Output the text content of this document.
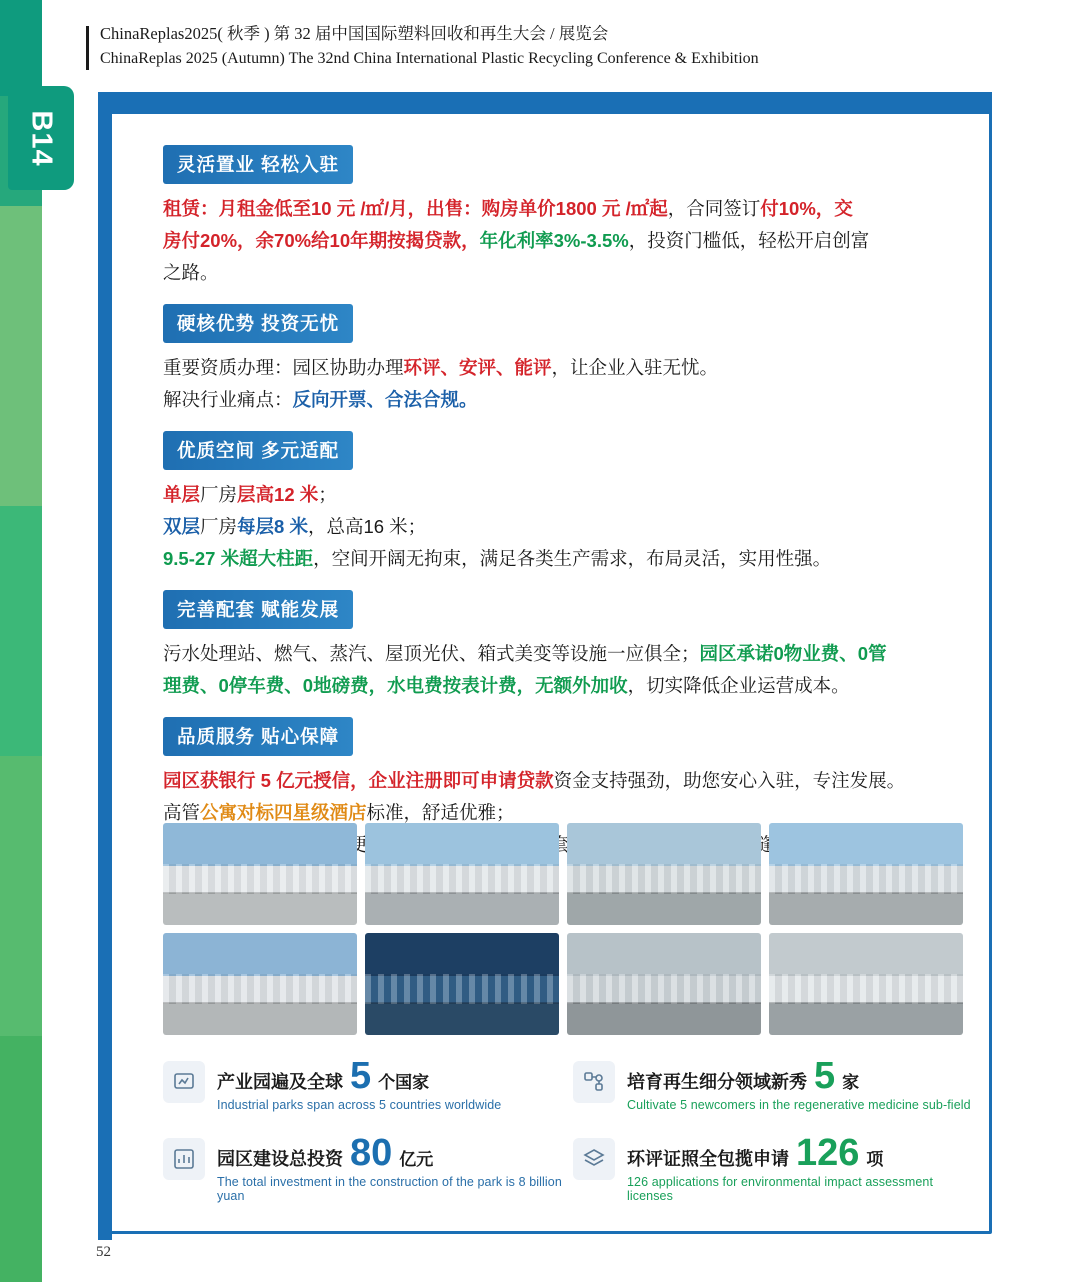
B14
ChinaReplas2025( 秋季 ) 第 32 届中国国际塑料回收和再生大会 / 展览会
ChinaReplas 2025 (Autumn) The 32nd China International Plastic Recycling Conference & Exhibition
灵活置业 轻松入驻

租赁：月租金低至10 元 /㎡/月，出售：购房单价1800 元 /㎡起，合同签订付10%，交

房付20%，余70%给10年期按揭贷款，年化利率3%-3.5%，投资门槛低，轻松开启创富

之路。

硬核优势 投资无忧

重要资质办理：园区协助办理环评、安评、能评，让企业入驻无忧。

解决行业痛点：反向开票、合法合规。

优质空间 多元适配

单层厂房层高12 米；

双层厂房每层8 米，总高16 米；

9.5-27 米超大柱距，空间开阔无拘束，满足各类生产需求，布局灵活，实用性强。

完善配套 赋能发展

污水处理站、燃气、蒸汽、屋顶光伏、箱式美变等设施一应俱全；园区承诺0物业费、0管

理费、0停车费、0地磅费，水电费按表计费，无额外加收，切实降低企业运营成本。

品质服务 贴心保障

园区获银行 5 亿元授信，企业注册即可申请贷款资金支持强劲，助您安心入驻，专注发展。

高管公寓对标四星级酒店标准，舒适优雅；

产业园遍及全球 5 个国家
Industrial parks span across 5 countries worldwide
培育再生细分领域新秀 5 家
Cultivate 5 newcomers in the regenerative medicine sub-field
园区建设总投资 80 亿元
The total investment in the construction of the park is 8 billion yuan
环评证照全包揽申请 126 项
126 applications for environmental impact assessment licenses
52
